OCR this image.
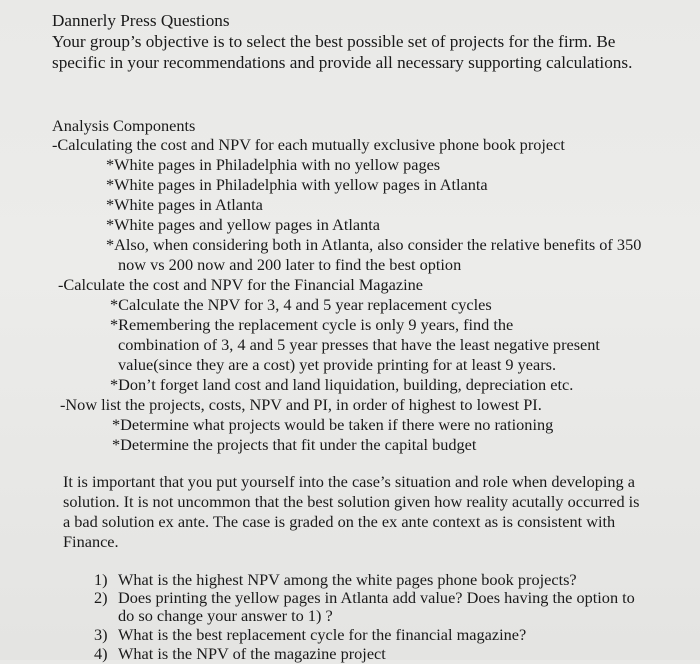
Dannerly Press Questions
Your group’s objective is to select the best possible set of projects for the firm. Be
specific in your recommendations and provide all necessary supporting calculations.
Analysis Components
-Calculating the cost and NPV for each mutually exclusive phone book project
*White pages in Philadelphia with no yellow pages
*White pages in Philadelphia with yellow pages in Atlanta
*White pages in Atlanta
*White pages and yellow pages in Atlanta
*Also, when considering both in Atlanta, also consider the relative benefits of 350
now vs 200 now and 200 later to find the best option
-Calculate the cost and NPV for the Financial Magazine
*Calculate the NPV for 3, 4 and 5 year replacement cycles
*Remembering the replacement cycle is only 9 years, find the
combination of 3, 4 and 5 year presses that have the least negative present
value(since they are a cost) yet provide printing for at least 9 years.
*Don’t forget land cost and land liquidation, building, depreciation etc.
-Now list the projects, costs, NPV and PI, in order of highest to lowest PI.
*Determine what projects would be taken if there were no rationing
*Determine the projects that fit under the capital budget
It is important that you put yourself into the case’s situation and role when developing a
solution. It is not uncommon that the best solution given how reality acutally occurred is
a bad solution ex ante. The case is graded on the ex ante context as is consistent with
Finance.
1) What is the highest NPV among the white pages phone book projects?
2) Does printing the yellow pages in Atlanta add value? Does having the option to
do so change your answer to 1) ?
3) What is the best replacement cycle for the financial magazine?
4) What is the NPV of the magazine project
